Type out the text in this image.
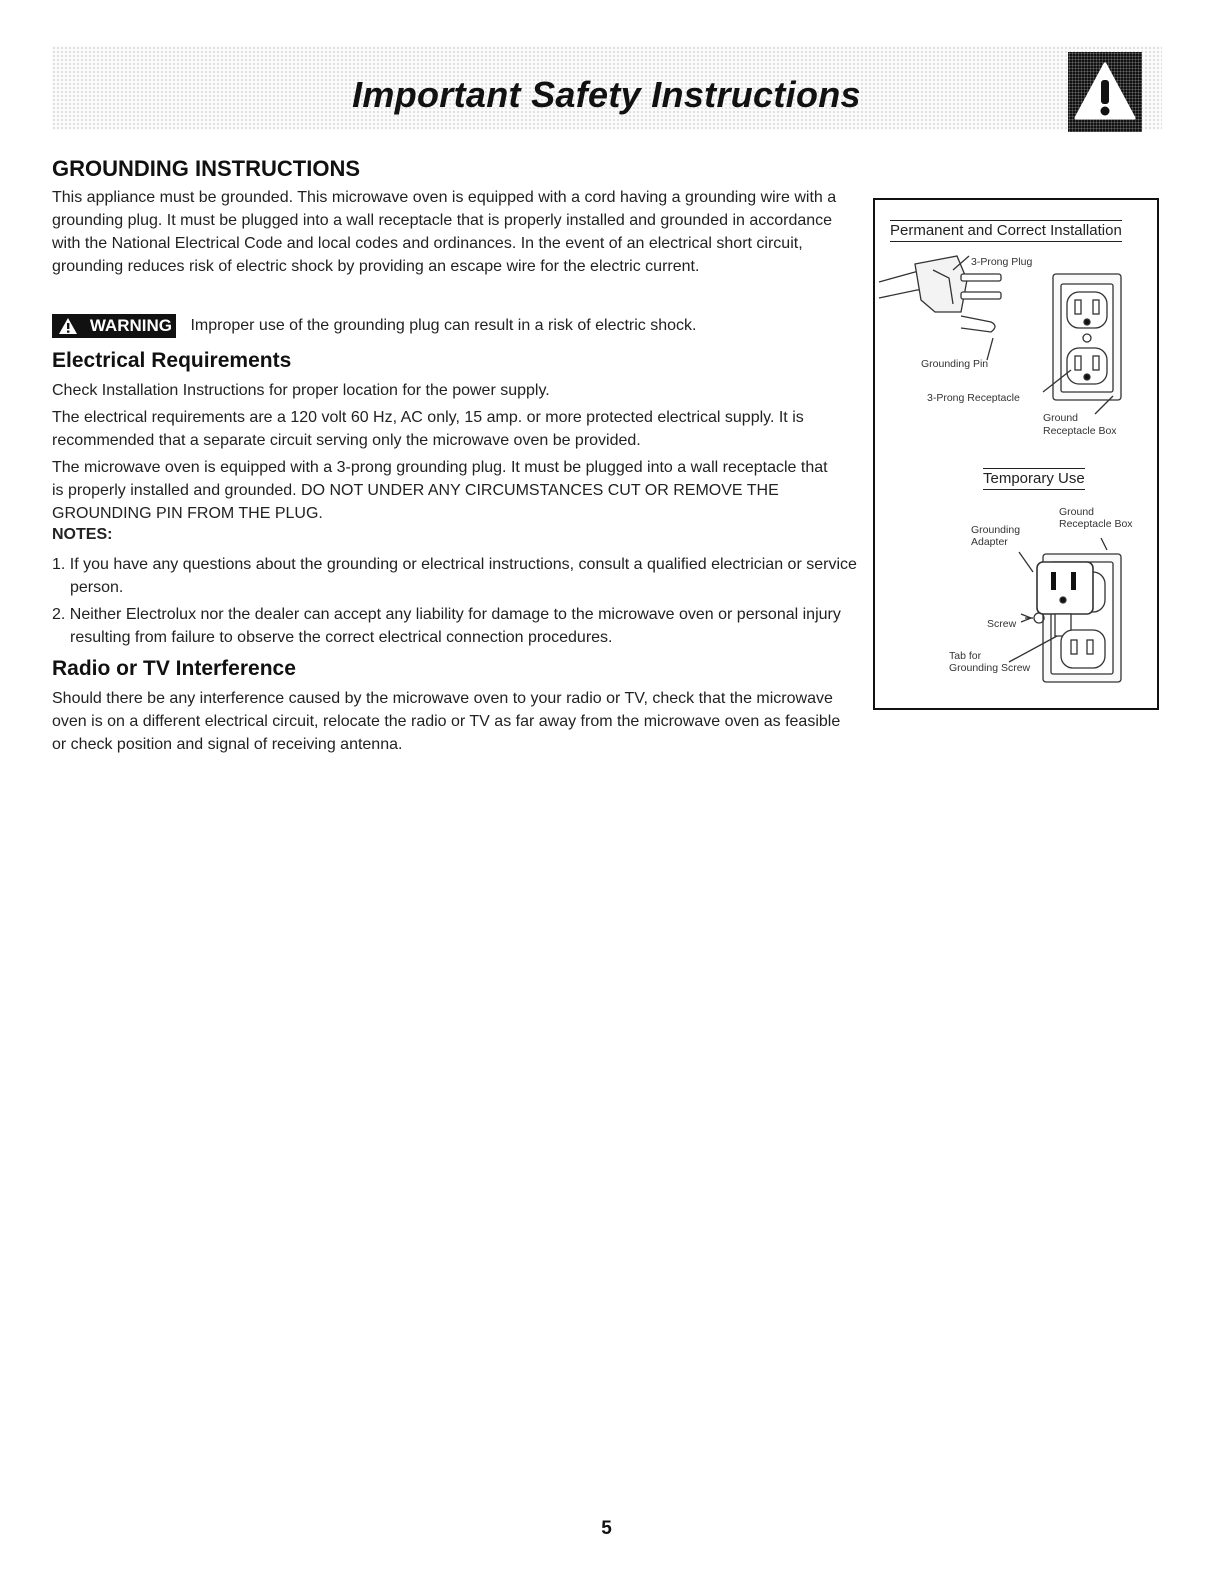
Important Safety Instructions
GROUNDING INSTRUCTIONS

This appliance must be grounded. This microwave oven is equipped with a cord having a grounding wire with a grounding plug. It must be plugged into a wall receptacle that is properly installed and grounded in accordance with the National Electrical Code and local codes and ordinances. In the event of an electrical short circuit, grounding reduces risk of electric shock by providing an escape wire for the electric current.

WARNING Improper use of the grounding plug can result in a risk of electric shock.
Electrical Requirements

Check Installation Instructions for proper location for the power supply.

The electrical requirements are a 120 volt 60 Hz, AC only, 15 amp. or more protected electrical supply. It is recommended that a separate circuit serving only the microwave oven be provided.

The microwave oven is equipped with a 3-prong grounding plug. It must be plugged into a wall receptacle that is properly installed and grounded. DO NOT UNDER ANY CIRCUMSTANCES CUT OR REMOVE THE GROUNDING PIN FROM THE PLUG.

NOTES:

1. If you have any questions about the grounding or electrical instructions, consult a qualified electrician or service person.

2. Neither Electrolux nor the dealer can accept any liability for damage to the microwave oven or personal injury resulting from failure to observe the correct electrical connection procedures.

Radio or TV Interference

Should there be any interference caused by the microwave oven to your radio or TV, check that the microwave oven is on a different electrical circuit, relocate the radio or TV as far away from the microwave oven as feasible or check position and signal of receiving antenna.

Permanent and Correct Installation
3-Prong Plug
Grounding Pin
3-Prong Receptacle
Ground
Receptacle Box
Temporary Use
Ground
Receptacle Box
Grounding
Adapter
Screw
Tab for
Grounding Screw
5
